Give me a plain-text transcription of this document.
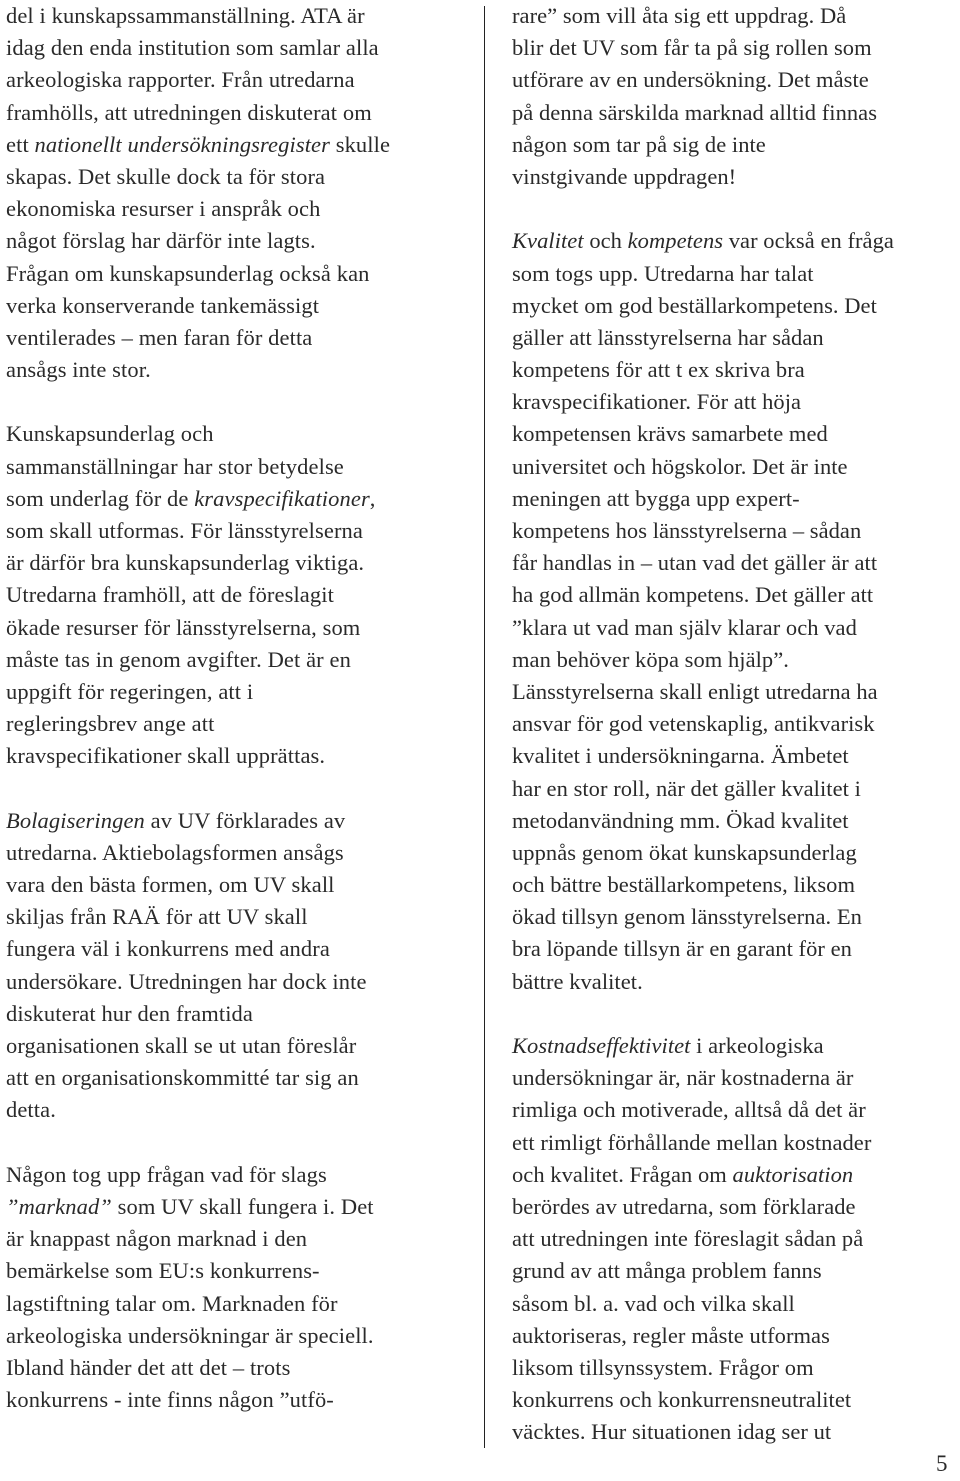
del i kunskapssammanställning. ATA är
idag den enda institution som samlar alla
arkeologiska rapporter. Från utredarna
framhölls, att utredningen diskuterat om
ett nationellt undersökningsregister skulle
skapas. Det skulle dock ta för stora
ekonomiska resurser i anspråk och
något förslag har därför inte lagts.
Frågan om kunskapsunderlag också kan
verka konserverande tankemässigt
ventilerades – men faran för detta
ansågs inte stor.
Kunskapsunderlag och
sammanställningar har stor betydelse
som underlag för de kravspecifikationer,
som skall utformas. För länsstyrelserna
är därför bra kunskapsunderlag viktiga.
Utredarna framhöll, att de föreslagit
ökade resurser för länsstyrelserna, som
måste tas in genom avgifter. Det är en
uppgift för regeringen, att i
regleringsbrev ange att
kravspecifikationer skall upprättas.
Bolagiseringen av UV förklarades av
utredarna. Aktiebolagsformen ansågs
vara den bästa formen, om UV skall
skiljas från RAÄ för att UV skall
fungera väl i konkurrens med andra
undersökare. Utredningen har dock inte
diskuterat hur den framtida
organisationen skall se ut utan föreslår
att en organisationskommitté tar sig an
detta.
Någon tog upp frågan vad för slags
”marknad” som UV skall fungera i. Det
är knappast någon marknad i den
bemärkelse som EU:s konkurrens-
lagstiftning talar om. Marknaden för
arkeologiska undersökningar är speciell.
Ibland händer det att det – trots
konkurrens - inte finns någon ”utfö-
rare” som vill åta sig ett uppdrag. Då
blir det UV som får ta på sig rollen som
utförare av en undersökning. Det måste
på denna särskilda marknad alltid finnas
någon som tar på sig de inte
vinstgivande uppdragen!
Kvalitet och kompetens var också en fråga
som togs upp. Utredarna har talat
mycket om god beställarkompetens. Det
gäller att länsstyrelserna har sådan
kompetens för att t ex skriva bra
kravspecifikationer. För att höja
kompetensen krävs samarbete med
universitet och högskolor. Det är inte
meningen att bygga upp expert-
kompetens hos länsstyrelserna – sådan
får handlas in – utan vad det gäller är att
ha god allmän kompetens. Det gäller att
”klara ut vad man själv klarar och vad
man behöver köpa som hjälp”.
Länsstyrelserna skall enligt utredarna ha
ansvar för god vetenskaplig, antikvarisk
kvalitet i undersökningarna. Ämbetet
har en stor roll, när det gäller kvalitet i
metodanvändning mm. Ökad kvalitet
uppnås genom ökat kunskapsunderlag
och bättre beställarkompetens, liksom
ökad tillsyn genom länsstyrelserna. En
bra löpande tillsyn är en garant för en
bättre kvalitet.
Kostnadseffektivitet i arkeologiska
undersökningar är, när kostnaderna är
rimliga och motiverade, alltså då det är
ett rimligt förhållande mellan kostnader
och kvalitet. Frågan om auktorisation
berördes av utredarna, som förklarade
att utredningen inte föreslagit sådan på
grund av att många problem fanns
såsom bl. a. vad och vilka skall
auktoriseras, regler måste utformas
liksom tillsynssystem. Frågor om
konkurrens och konkurrensneutralitet
väcktes. Hur situationen idag ser ut
5
